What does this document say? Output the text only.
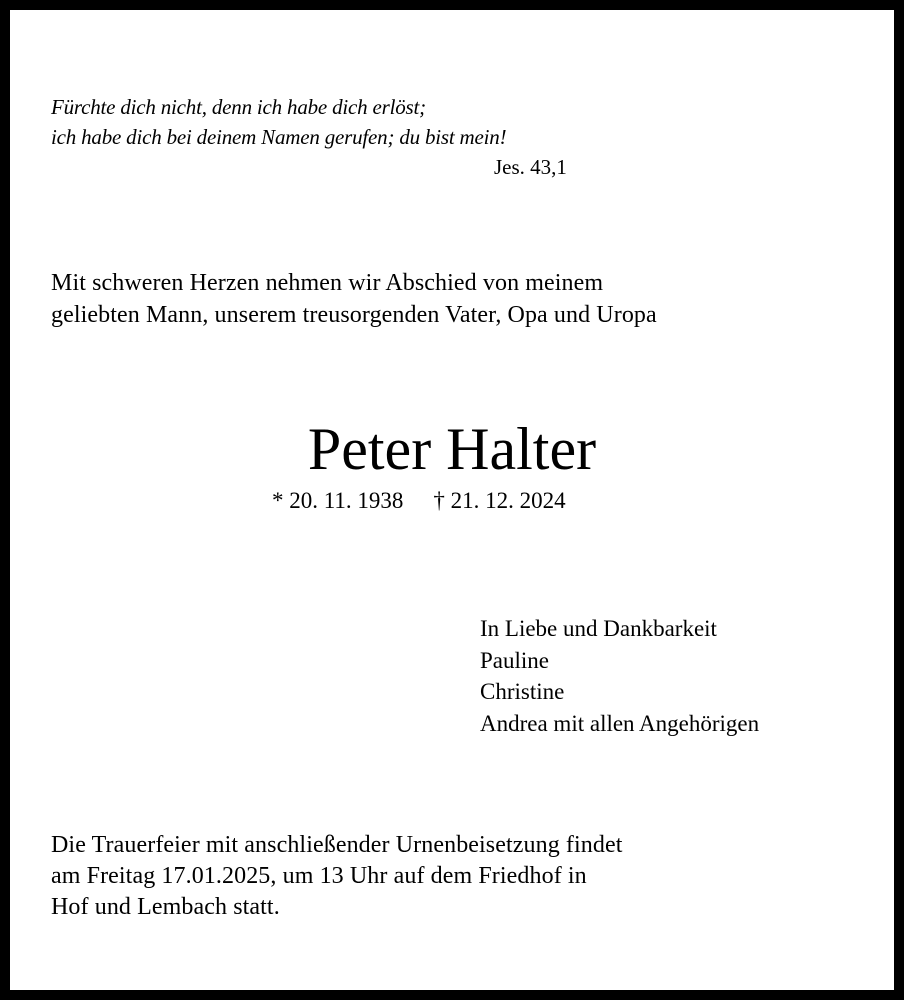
Fürchte dich nicht, denn ich habe dich erlöst;
ich habe dich bei deinem Namen gerufen; du bist mein!
Jes. 43,1
Mit schweren Herzen nehmen wir Abschied von meinem
geliebten Mann, unserem treusorgenden Vater, Opa und Uropa
Peter Halter
* 20. 11. 1938 † 21. 12. 2024
In Liebe und Dankbarkeit
Pauline
Christine
Andrea mit allen Angehörigen
Die Trauerfeier mit anschließender Urnenbeisetzung findet
am Freitag 17.01.2025, um 13 Uhr auf dem Friedhof in
Hof und Lembach statt.
